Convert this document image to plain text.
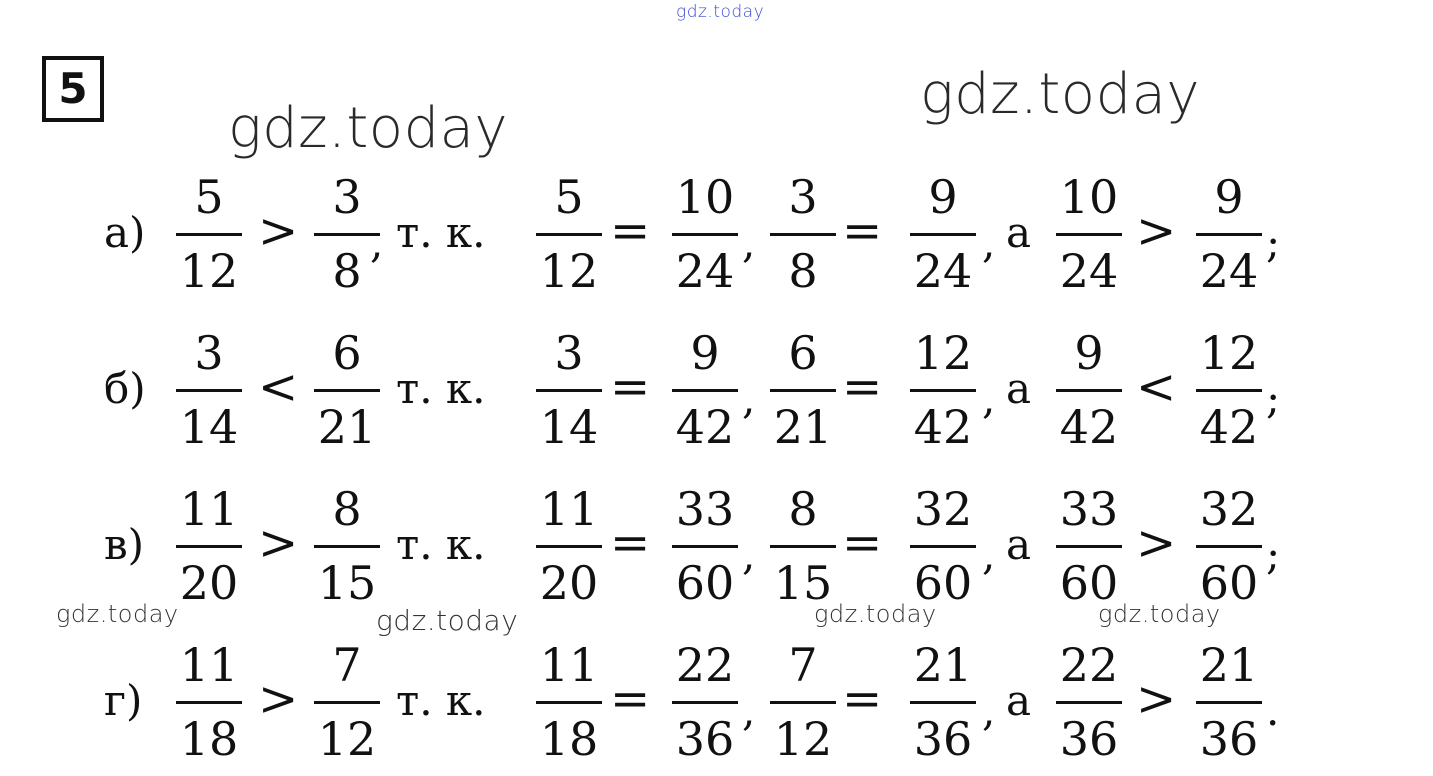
gdz.today
gdz.today
gdz.today
gdz.today	gdz.today	gdz.today	gdz.today
5
а)
5
12
>
3
8
, т. к.
5
12
=
10
24
,
3
8
=
9
24
, а
10
24
>
9
24
;
б)
3
14
<
6
21
т. к.
3
14
=
9
42
,
6
21
=
12
42
, а
9
42
<
12
42
;
в)
11
20
>
8
15
т. к.
11
20
=
33
60
,
8
15
=
32
60
, а
33
60
>
32
60
;
г)
11
18
>
7
12
т. к.
11
18
=
22
36
,
7
12
=
21
36
, а
22
36
>
21
36
.
